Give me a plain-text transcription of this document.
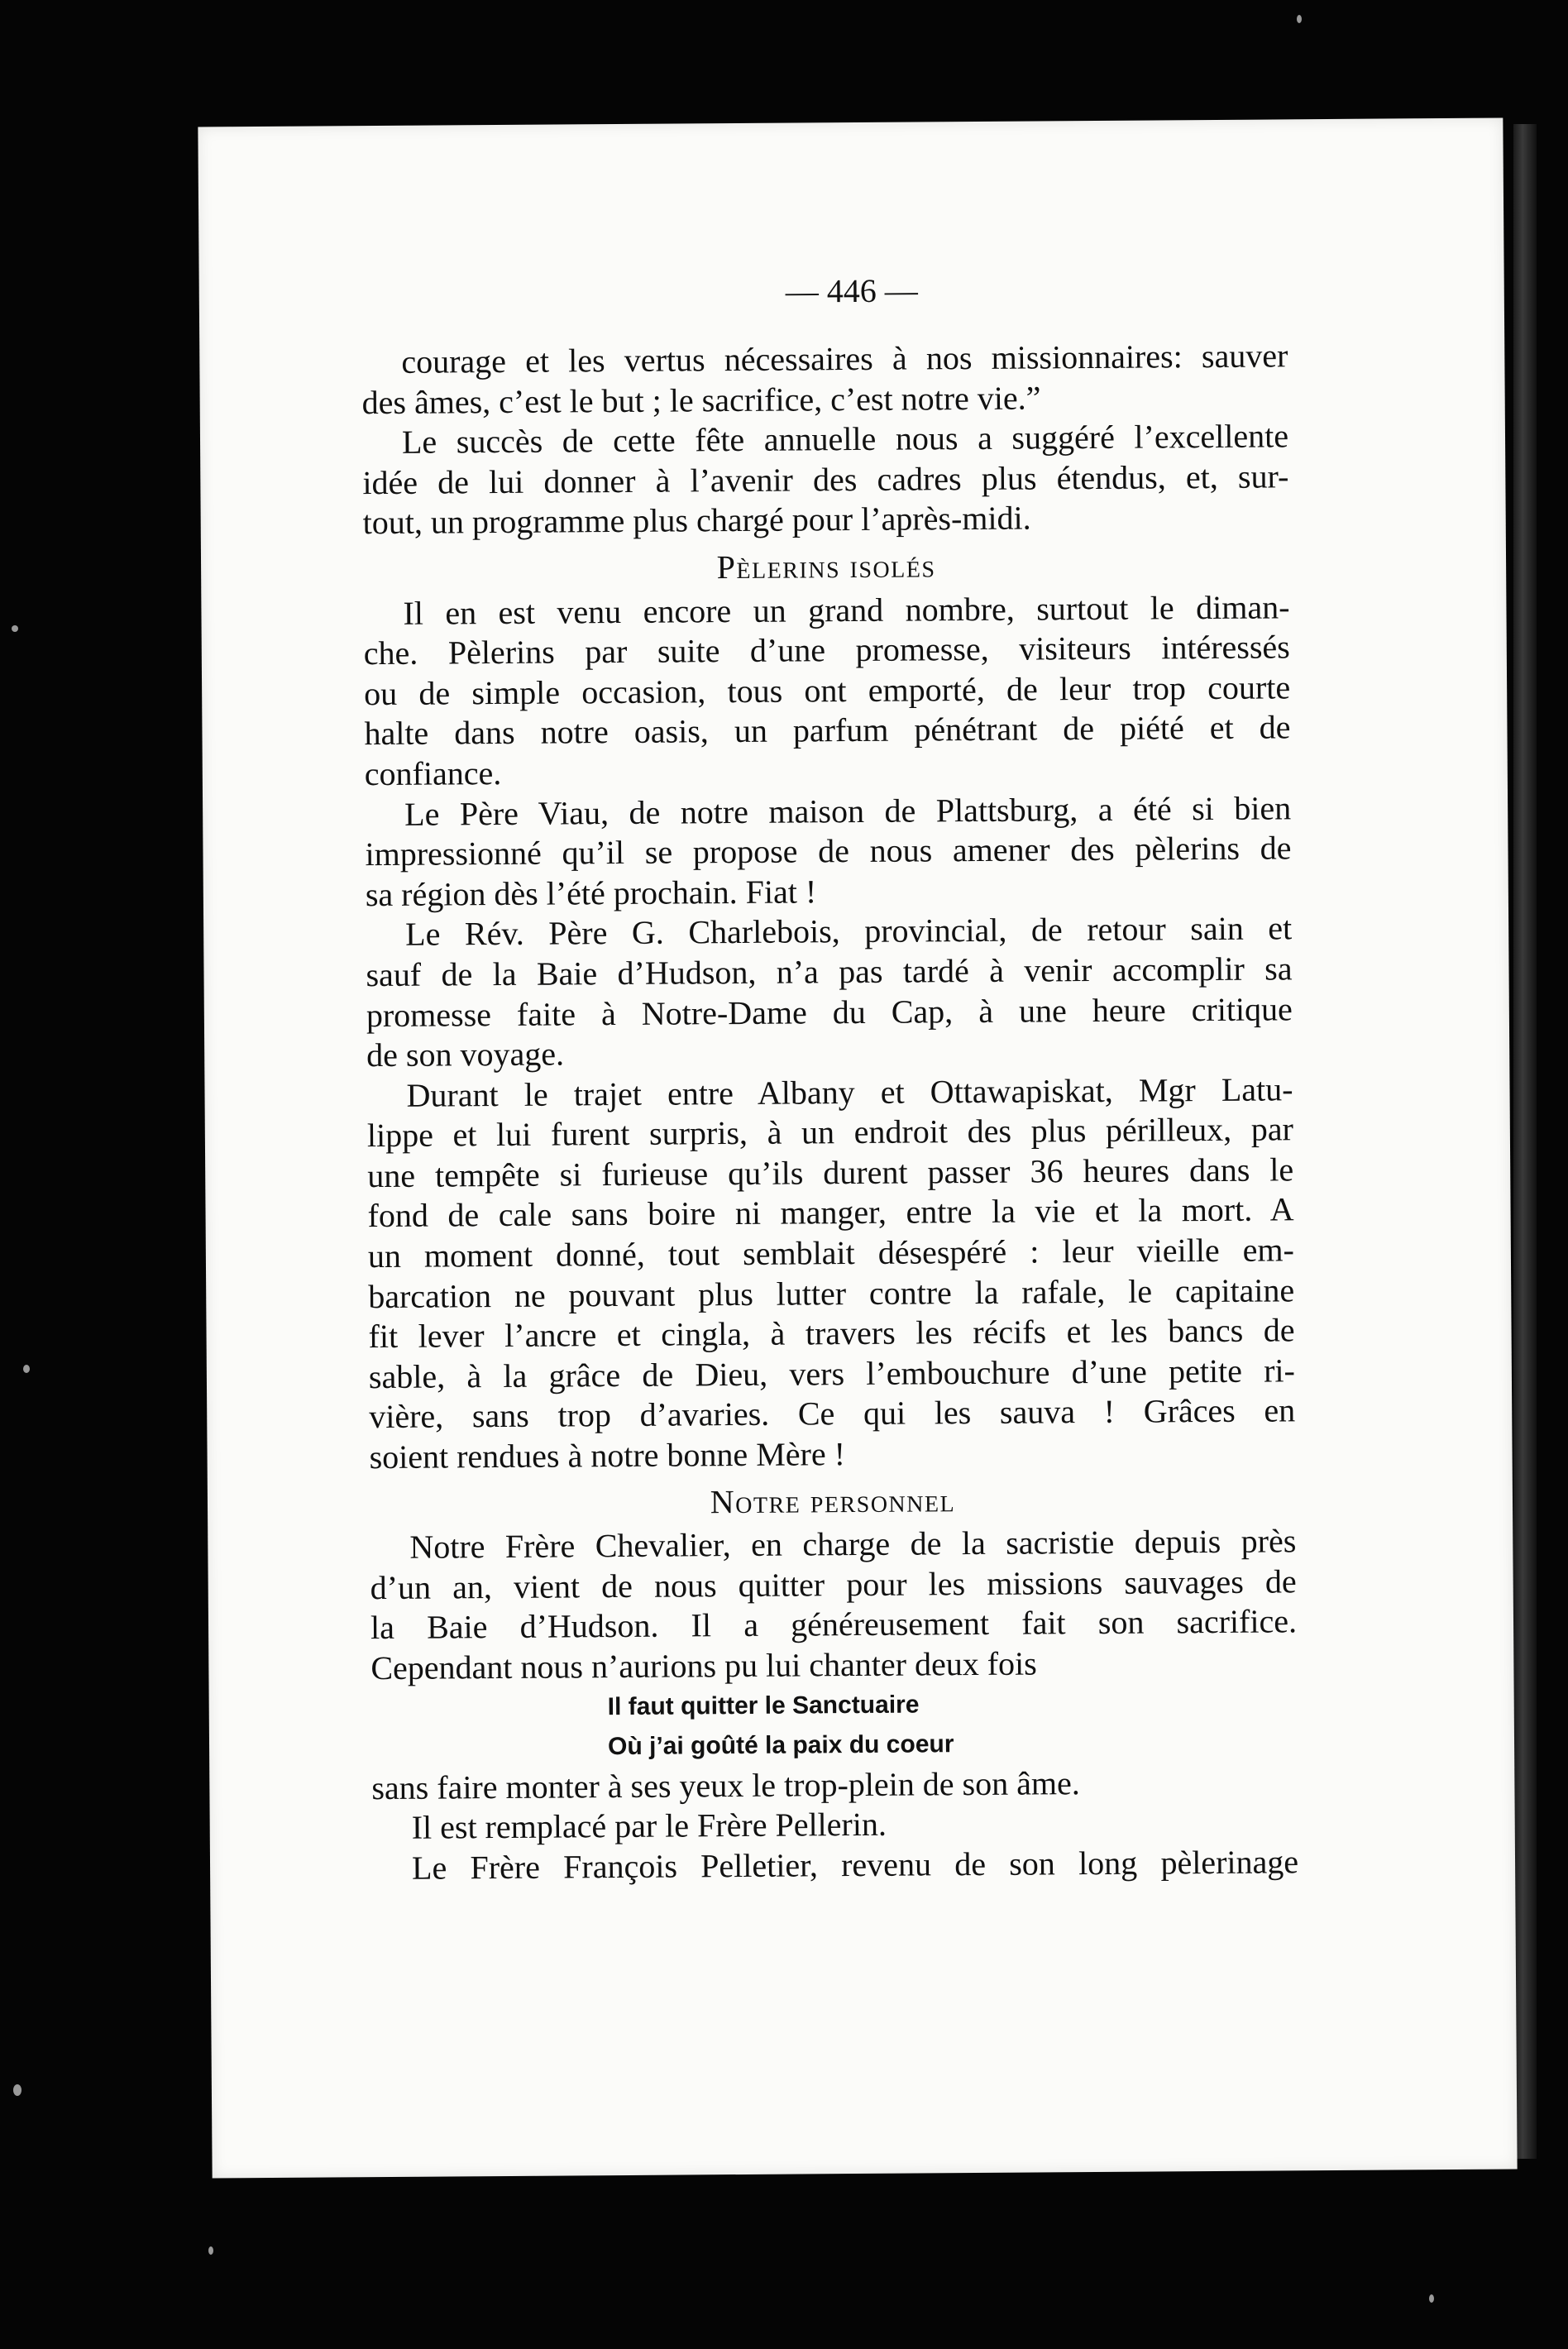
— 446 —
courage et les vertus nécessaires à nos missionnaires: sauver
des âmes, c’est le but ; le sacrifice, c’est notre vie.”
Le succès de cette fête annuelle nous a suggéré l’excellente
idée de lui donner à l’avenir des cadres plus étendus, et, sur-
tout, un programme plus chargé pour l’après-midi.
Pèlerins isolés
Il en est venu encore un grand nombre, surtout le diman-
che. Pèlerins par suite d’une promesse, visiteurs intéressés
ou de simple occasion, tous ont emporté, de leur trop courte
halte dans notre oasis, un parfum pénétrant de piété et de
confiance.
Le Père Viau, de notre maison de Plattsburg, a été si bien
impressionné qu’il se propose de nous amener des pèlerins de
sa région dès l’été prochain. Fiat !
Le Rév. Père G. Charlebois, provincial, de retour sain et
sauf de la Baie d’Hudson, n’a pas tardé à venir accomplir sa
promesse faite à Notre-Dame du Cap, à une heure critique
de son voyage.
Durant le trajet entre Albany et Ottawapiskat, Mgr Latu-
lippe et lui furent surpris, à un endroit des plus périlleux, par
une tempête si furieuse qu’ils durent passer 36 heures dans le
fond de cale sans boire ni manger, entre la vie et la mort. A
un moment donné, tout semblait désespéré : leur vieille em-
barcation ne pouvant plus lutter contre la rafale, le capitaine
fit lever l’ancre et cingla, à travers les récifs et les bancs de
sable, à la grâce de Dieu, vers l’embouchure d’une petite ri-
vière, sans trop d’avaries. Ce qui les sauva ! Grâces en
soient rendues à notre bonne Mère !
Notre personnel
Notre Frère Chevalier, en charge de la sacristie depuis près
d’un an, vient de nous quitter pour les missions sauvages de
la Baie d’Hudson. Il a généreusement fait son sacrifice.
Cependant nous n’aurions pu lui chanter deux fois
Il faut quitter le Sanctuaire
Où j’ai goûté la paix du coeur
sans faire monter à ses yeux le trop-plein de son âme.
Il est remplacé par le Frère Pellerin.
Le Frère François Pelletier, revenu de son long pèlerinage
